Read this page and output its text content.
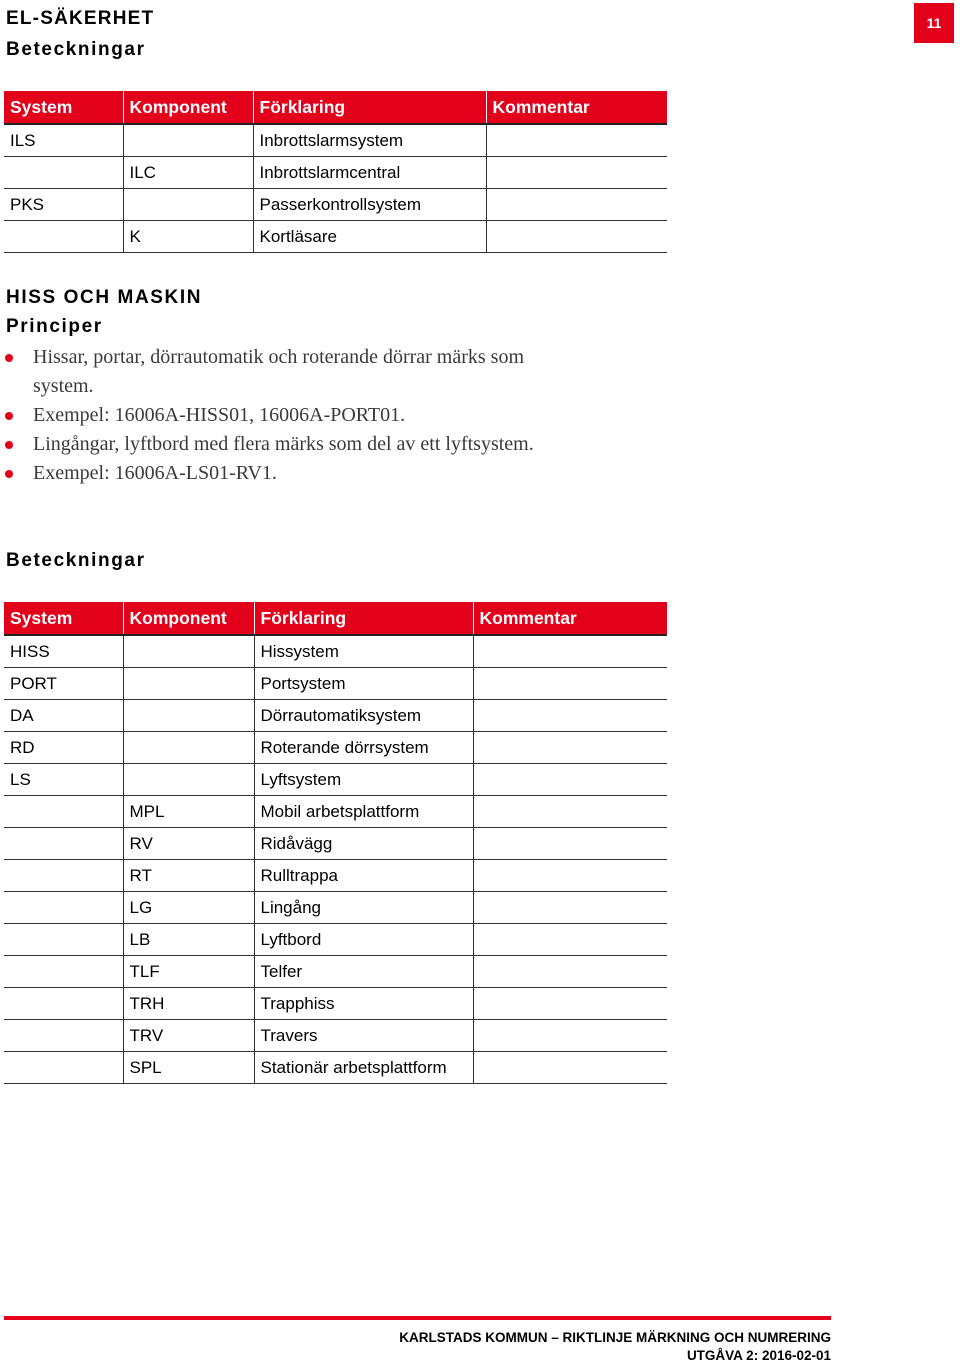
EL-SÄKERHET
Beteckningar
11
System	Komponent	Förklaring	Kommentar
ILS		Inbrottslarmsystem	
	ILC	Inbrottslarmcentral	
PKS		Passerkontrollsystem	
	K	Kortläsare	
HISS OCH MASKIN
Principer
Hissar, portar, dörrautomatik och roterande dörrar märks som system.
Exempel: 16006A-HISS01, 16006A-PORT01.
Lingångar, lyftbord med flera märks som del av ett lyftsystem.
Exempel: 16006A-LS01-RV1.
Beteckningar
System	Komponent	Förklaring	Kommentar
HISS		Hissystem	
PORT		Portsystem	
DA		Dörrautomatiksystem	
RD		Roterande dörrsystem	
LS		Lyftsystem	
	MPL	Mobil arbetsplattform	
	RV	Ridåvägg	
	RT	Rulltrappa	
	LG	Lingång	
	LB	Lyftbord	
	TLF	Telfer	
	TRH	Trapphiss	
	TRV	Travers	
	SPL	Stationär arbetsplattform	
KARLSTADS KOMMUN – RIKTLINJE MÄRKNING OCH NUMRERING
UTGÅVA 2: 2016-02-01
